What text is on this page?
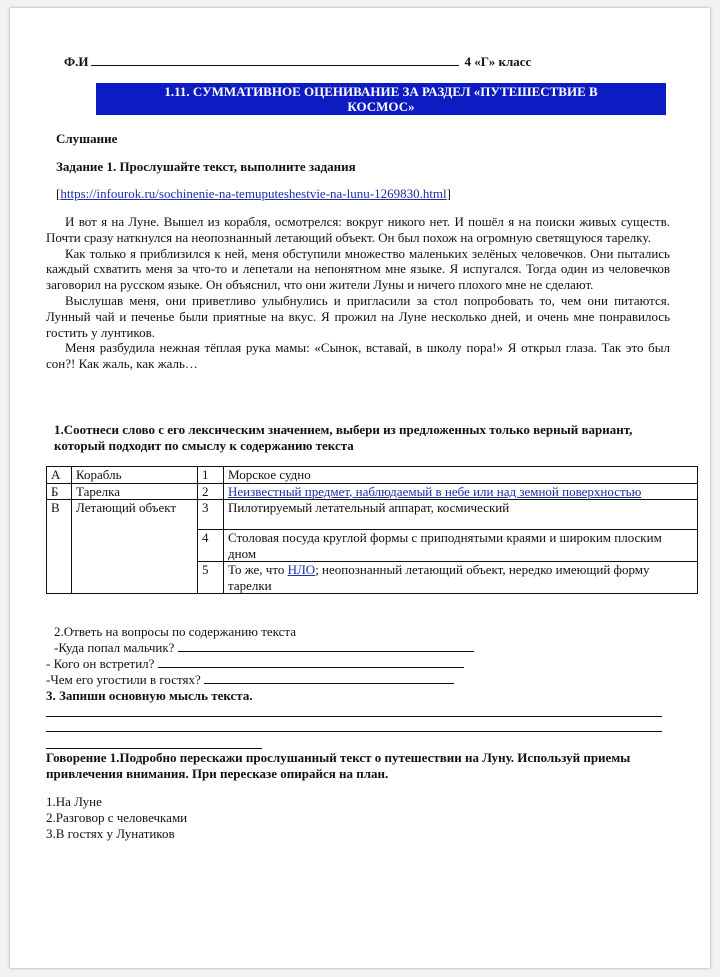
Ф.И	4 «Г» класс
1.11. СУММАТИВНОЕ ОЦЕНИВАНИЕ ЗА РАЗДЕЛ «ПУТЕШЕСТВИЕ В
КОСМОС»
Слушание
Задание 1. Прослушайте текст, выполните задания
[https://infourok.ru/sochinenie-na-temuputeshestvie-na-lunu-1269830.html]

И вот я на Луне. Вышел из корабля, осмотрелся: вокруг никого нет. И пошёл я на поиски живых существ. Почти сразу наткнулся на неопознанный летающий объект. Он был похож на огромную светящуюся тарелку.

Как только я приблизился к ней, меня обступили множество маленьких зелёных человечков. Они пытались каждый схватить меня за что-то и лепетали на непонятном мне языке. Я испугался. Тогда один из человечков заговорил на русском языке. Он объяснил, что они жители Луны и ничего плохого мне не сделают.

Выслушав меня, они приветливо улыбнулись и пригласили за стол попробовать то, чем они питаются. Лунный чай и печенье были приятные на вкус. Я прожил на Луне несколько дней, и очень мне понравилось гостить у лунтиков.

Меня разбудила нежная тёплая рука мамы: «Сынок, вставай, в школу пора!» Я открыл глаза. Так это был сон?! Как жаль, как жаль…

1.Соотнеси слово с его лексическим значением, выбери из предложенных только верный вариант, который подходит по смыслу к содержанию текста
А	Корабль	1	Морское судно
Б	Тарелка	2	Неизвестный предмет, наблюдаемый в небе или над земной поверхностью
В	Летающий объект	3	Пилотируемый летательный аппарат, космический
		4	Столовая посуда круглой формы с приподнятыми краями и широким плоским дном
		5	То же, что НЛО; неопознанный летающий объект, нередко имеющий форму тарелки
2.Ответь на вопросы по содержанию текста
-Куда попал мальчик?
- Кого он встретил?
-Чем его угостили в гостях?
3. Запиши основную мысль текста.
Говорение 1.Подробно перескажи прослушанный текст о путешествии на Луну. Используй приемы привлечения внимания. При пересказе опирайся на план.
1.На Луне
2.Разговор с человечками
3.В гостях у Лунатиков
